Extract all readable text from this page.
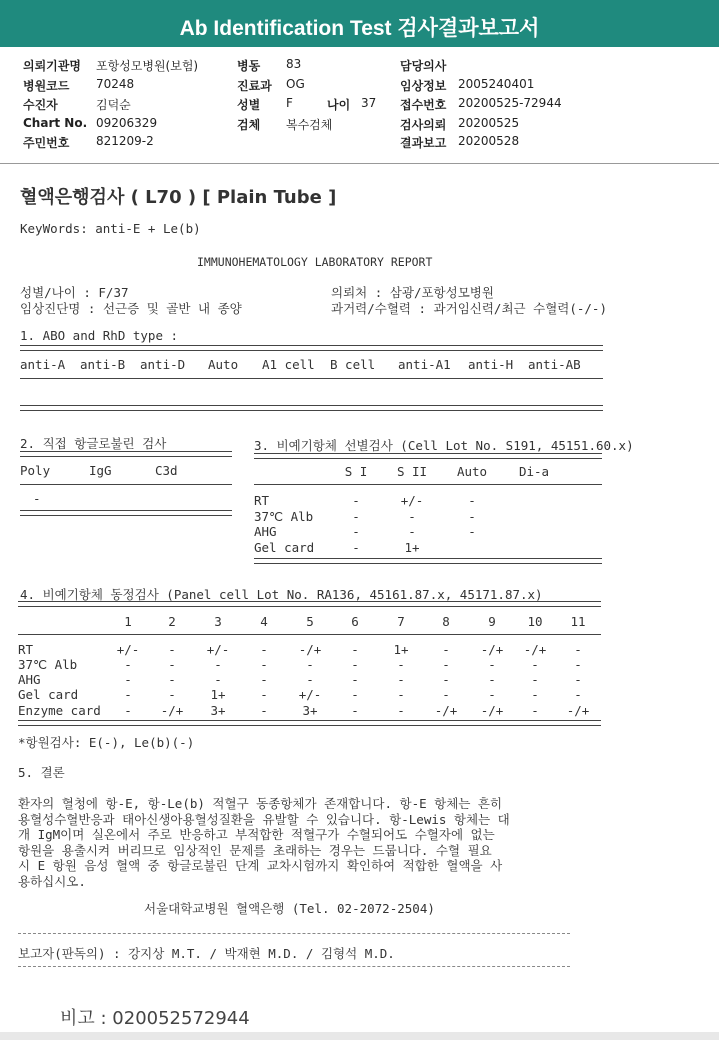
Ab Identification Test 검사결과보고서
의뢰기관명 포항성모병원(보험)
병원코드 70248
수진자	김덕순
Chart No. 09206329
주민번호 821209-2
병동 83
진료과 OG
성별 F
검체 복수검체
나이 37
담당의사
임상정보 2005240401
접수번호 20200525-72944
검사의뢰 20200525
결과보고 20200528
혈액은행검사 ( L70 ) [ Plain Tube ]
KeyWords: anti-E + Le(b)
IMMUNOHEMATOLOGY LABORATORY REPORT
성별/나이 : F/37
임상진단명 : 선근증 및 골반 내 종양
의뢰처 : 삼광/포항성모병원
과거력/수혈력 : 과거임신력/최근 수혈력(-/-)
1. ABO and RhD type :
anti-A anti-B anti-D Auto A1 cell B cell anti-A1 anti-H anti-AB
2. 직접 항글로불린 검사
Poly	IgG	C3d
-
3. 비예기항체 선별검사 (Cell Lot No. S191, 45151.60.x)
S I	S II	Auto	Di-a
RT	-	+/-	-
37℃ Alb	-	-	-
AHG	-	-	-
Gel card	-	1+
4. 비예기항체 동정검사 (Panel cell Lot No. RA136, 45161.87.x, 45171.87.x)
1	2	3	4	5	6	7	8	9	10	11
RT	+/-	-	+/-	-	-/+	-	1+	-	-/+ -/+	-
37℃ Alb	-	-	-	-	-	-	-	-	-	-	-
AHG	-	-	-	-	-	-	-	-	-	-	-
Gel card	-	-	1+	-	+/-	-	-	-	-	-	-
Enzyme card	-	-/+	3+	-	3+	-	-	-/+ -/+	-	-/+
*항원검사: E(-), Le(b)(-)
5. 결론
환자의 혈청에 항-E, 항-Le(b) 적혈구 동종항체가 존재합니다. 항-E 항체는 흔히
용혈성수혈반응과 태아신생아용혈성질환을 유발할 수 있습니다. 항-Lewis 항체는 대
개 IgM이며 실온에서 주로 반응하고 부적합한 적혈구가 수혈되어도 수혈자에 없는
항원을 용출시켜 버리므로 임상적인 문제를 초래하는 경우는 드뭅니다. 수혈 필요
시 E 항원 음성 혈액 중 항글로불린 단계 교차시험까지 확인하여 적합한 혈액을 사
용하십시오.
서울대학교병원 혈액은행 (Tel. 02-2072-2504)
보고자(판독의) : 강지상 M.T. / 박재현 M.D. / 김형석 M.D.
비고 : 020052572944
